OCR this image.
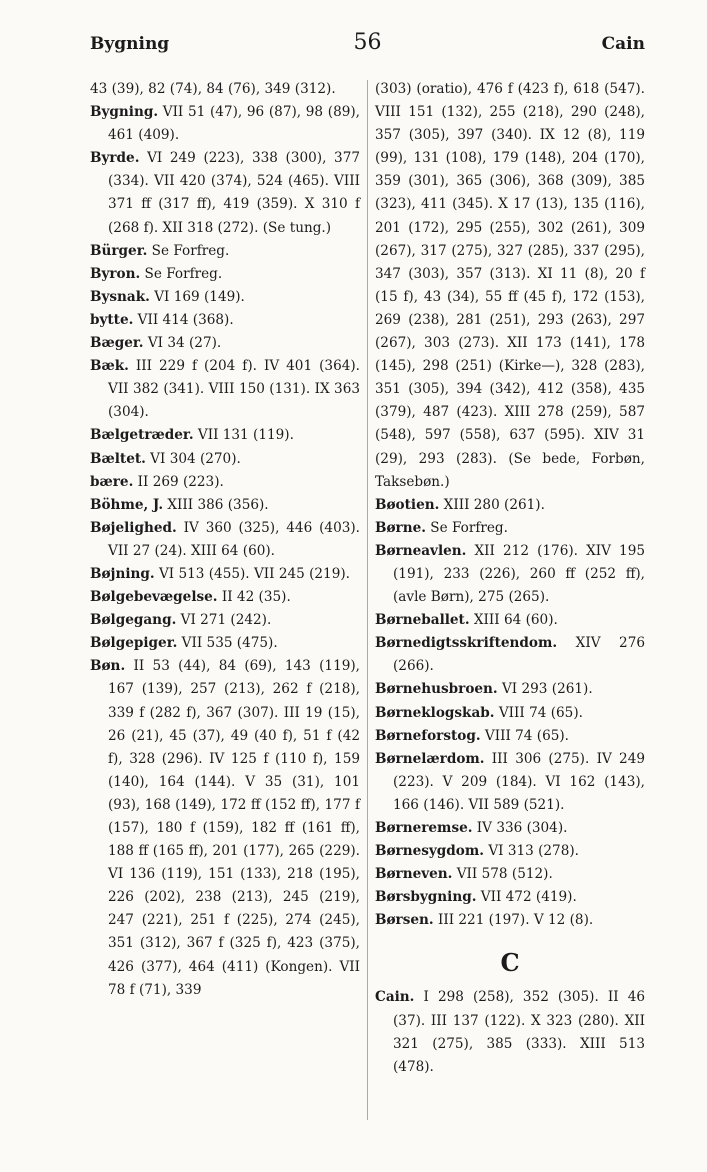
Bygning	56	Cain

43 (39), 82 (74), 84 (76), 349 (312).

Bygning. VII 51 (47), 96 (87), 98 (89), 461 (409).

Byrde. VI 249 (223), 338 (300), 377 (334). VII 420 (374), 524 (465). VIII 371 ff (317 ff), 419 (359). X 310 f (268 f). XII 318 (272). (Se tung.)

Bürger. Se Forfreg.

Byron. Se Forfreg.

Bysnak. VI 169 (149).

bytte. VII 414 (368).

Bæger. VI 34 (27).

Bæk. III 229 f (204 f). IV 401 (364). VII 382 (341). VIII 150 (131). IX 363 (304).

Bælgetræder. VII 131 (119).

Bæltet. VI 304 (270).

bære. II 269 (223).

Böhme, J. XIII 386 (356).

Bøjelighed. IV 360 (325), 446 (403). VII 27 (24). XIII 64 (60).

Bøjning. VI 513 (455). VII 245 (219).

Bølgebevægelse. II 42 (35).

Bølgegang. VI 271 (242).

Bølgepiger. VII 535 (475).

Bøn. II 53 (44), 84 (69), 143 (119), 167 (139), 257 (213), 262 f (218), 339 f (282 f), 367 (307). III 19 (15), 26 (21), 45 (37), 49 (40 f), 51 f (42 f), 328 (296). IV 125 f (110 f), 159 (140), 164 (144). V 35 (31), 101 (93), 168 (149), 172 ff (152 ff), 177 f (157), 180 f (159), 182 ff (161 ff), 188 ff (165 ff), 201 (177), 265 (229). VI 136 (119), 151 (133), 218 (195), 226 (202), 238 (213), 245 (219), 247 (221), 251 f (225), 274 (245), 351 (312), 367 f (325 f), 423 (375), 426 (377), 464 (411) (Kongen). VII 78 f (71), 339

(303) (oratio), 476 f (423 f), 618 (547). VIII 151 (132), 255 (218), 290 (248), 357 (305), 397 (340). IX 12 (8), 119 (99), 131 (108), 179 (148), 204 (170), 359 (301), 365 (306), 368 (309), 385 (323), 411 (345). X 17 (13), 135 (116), 201 (172), 295 (255), 302 (261), 309 (267), 317 (275), 327 (285), 337 (295), 347 (303), 357 (313). XI 11 (8), 20 f (15 f), 43 (34), 55 ff (45 f), 172 (153), 269 (238), 281 (251), 293 (263), 297 (267), 303 (273). XII 173 (141), 178 (145), 298 (251) (Kirke—), 328 (283), 351 (305), 394 (342), 412 (358), 435 (379), 487 (423). XIII 278 (259), 587 (548), 597 (558), 637 (595). XIV 31 (29), 293 (283). (Se bede, Forbøn, Taksebøn.)

Bøotien. XIII 280 (261).

Børne. Se Forfreg.

Børneavlen. XII 212 (176). XIV 195 (191), 233 (226), 260 ff (252 ff), (avle Børn), 275 (265).

Børneballet. XIII 64 (60).

Børnedigtsskriftendom. XIV 276 (266).

Børnehusbroen. VI 293 (261).

Børneklogskab. VIII 74 (65).

Børneforstog. VIII 74 (65).

Børnelærdom. III 306 (275). IV 249 (223). V 209 (184). VI 162 (143), 166 (146). VII 589 (521).

Børneremse. IV 336 (304).

Børnesygdom. VI 313 (278).

Børneven. VII 578 (512).

Børsbygning. VII 472 (419).

Børsen. III 221 (197). V 12 (8).

C

Cain. I 298 (258), 352 (305). II 46 (37). III 137 (122). X 323 (280). XII 321 (275), 385 (333). XIII 513 (478).
